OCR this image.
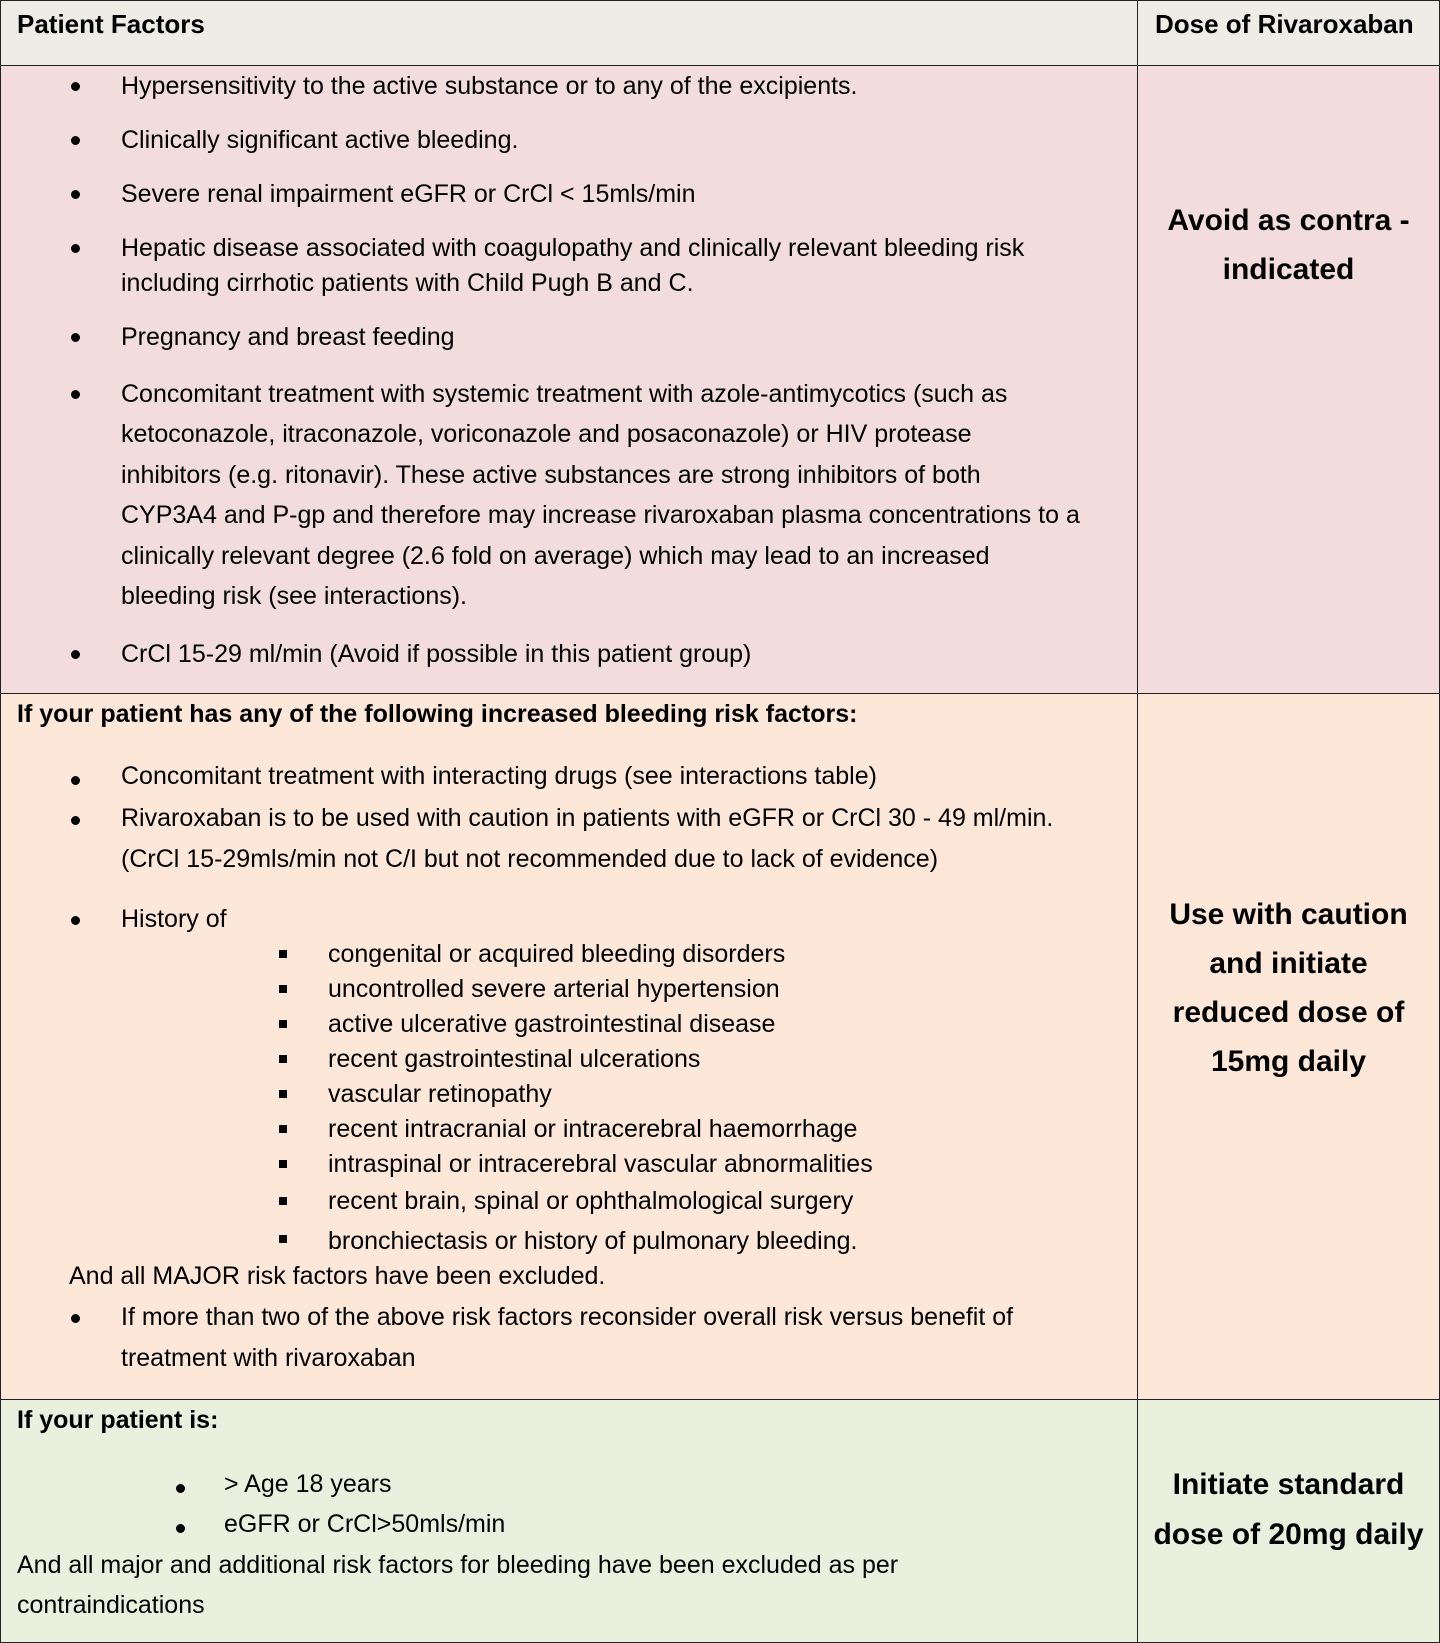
Patient Factors	Dose of Rivaroxaban
Hypersensitivity to the active substance or to any of the excipients.
Clinically significant active bleeding.
Severe renal impairment eGFR or CrCl < 15mls/min
Hepatic disease associated with coagulopathy and clinically relevant bleeding risk
including cirrhotic patients with Child Pugh B and C.
Pregnancy and breast feeding
Concomitant treatment with systemic treatment with azole-antimycotics (such as
ketoconazole, itraconazole, voriconazole and posaconazole) or HIV protease
inhibitors (e.g. ritonavir). These active substances are strong inhibitors of both
CYP3A4 and P-gp and therefore may increase rivaroxaban plasma concentrations to a
clinically relevant degree (2.6 fold on average) which may lead to an increased
bleeding risk (see interactions).
CrCl 15-29 ml/min (Avoid if possible in this patient group)
Avoid as contra -
indicated
If your patient has any of the following increased bleeding risk factors:
Concomitant treatment with interacting drugs (see interactions table)
Rivaroxaban is to be used with caution in patients with eGFR or CrCl 30 - 49 ml/min.
(CrCl 15-29mls/min not C/I but not recommended due to lack of evidence)
History of
congenital or acquired bleeding disorders
uncontrolled severe arterial hypertension
active ulcerative gastrointestinal disease
recent gastrointestinal ulcerations
vascular retinopathy
recent intracranial or intracerebral haemorrhage
intraspinal or intracerebral vascular abnormalities
recent brain, spinal or ophthalmological surgery
bronchiectasis or history of pulmonary bleeding.
And all MAJOR risk factors have been excluded.
If more than two of the above risk factors reconsider overall risk versus benefit of
treatment with rivaroxaban
Use with caution
and initiate
reduced dose of
15mg daily
If your patient is:
> Age 18 years
eGFR or CrCl>50mls/min
And all major and additional risk factors for bleeding have been excluded as per
contraindications
Initiate standard
dose of 20mg daily
